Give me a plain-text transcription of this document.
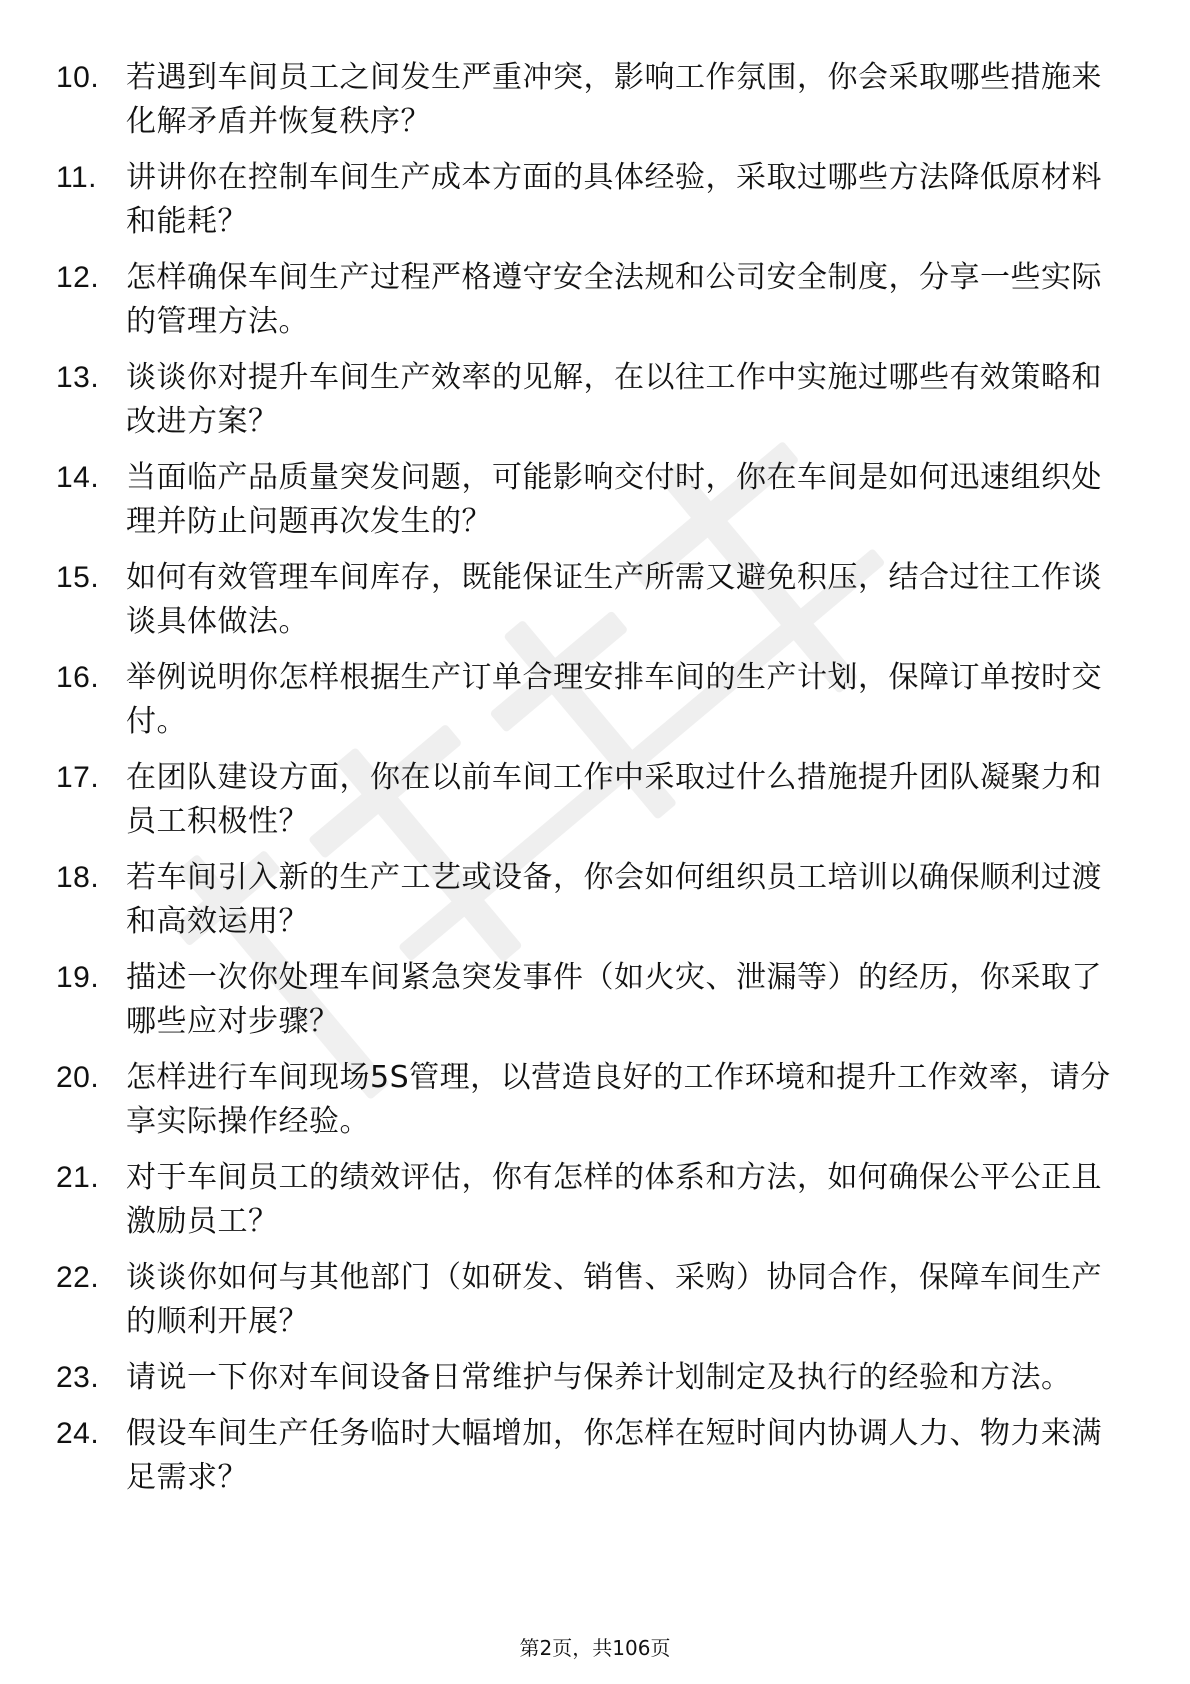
10. 若遇到车间员工之间发生严重冲突，影响工作氛围，你会采取哪些措施来化解矛盾并恢复秩序？
11. 讲讲你在控制车间生产成本方面的具体经验，采取过哪些方法降低原材料和能耗？
12. 怎样确保车间生产过程严格遵守安全法规和公司安全制度，分享一些实际的管理方法。
13. 谈谈你对提升车间生产效率的见解，在以往工作中实施过哪些有效策略和改进方案？
14. 当面临产品质量突发问题，可能影响交付时，你在车间是如何迅速组织处理并防止问题再次发生的？
15. 如何有效管理车间库存，既能保证生产所需又避免积压，结合过往工作谈谈具体做法。
16. 举例说明你怎样根据生产订单合理安排车间的生产计划，保障订单按时交付。
17. 在团队建设方面，你在以前车间工作中采取过什么措施提升团队凝聚力和员工积极性？
18. 若车间引入新的生产工艺或设备，你会如何组织员工培训以确保顺利过渡和高效运用？
19. 描述一次你处理车间紧急突发事件（如火灾、泄漏等）的经历，你采取了哪些应对步骤？
20. 怎样进行车间现场5S管理，以营造良好的工作环境和提升工作效率，请分享实际操作经验。
21. 对于车间员工的绩效评估，你有怎样的体系和方法，如何确保公平公正且激励员工？
22. 谈谈你如何与其他部门（如研发、销售、采购）协同合作，保障车间生产的顺利开展？
23. 请说一下你对车间设备日常维护与保养计划制定及执行的经验和方法。
24. 假设车间生产任务临时大幅增加，你怎样在短时间内协调人力、物力来满足需求？
第2页，共106页
